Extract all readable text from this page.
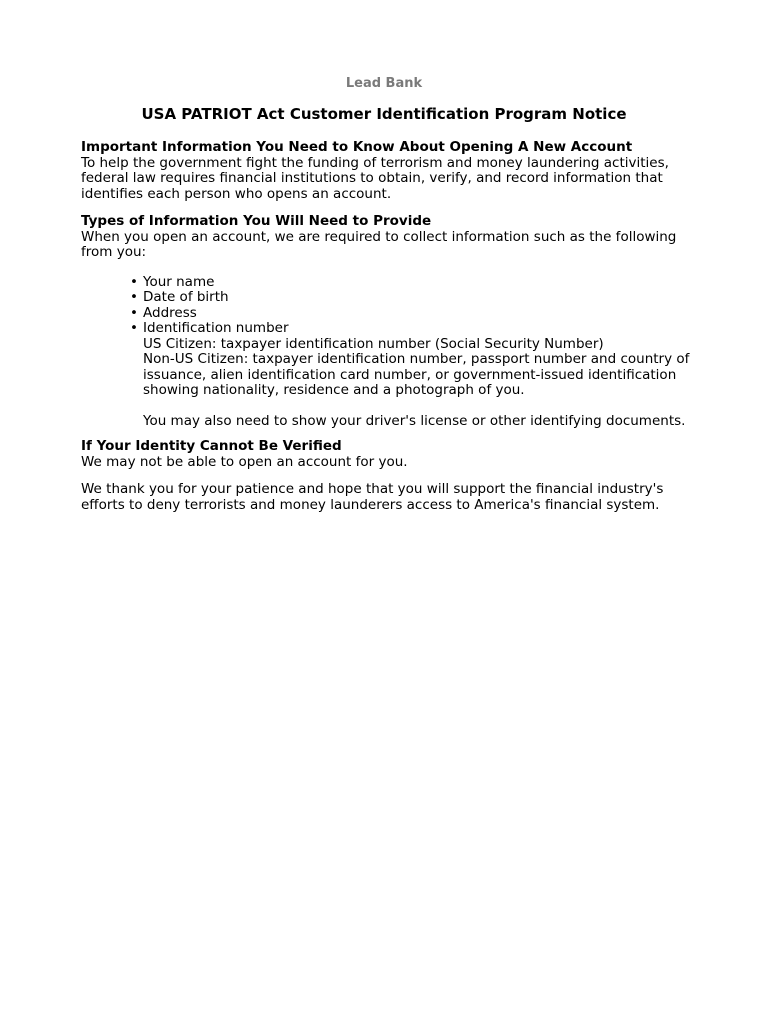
Lead Bank
USA PATRIOT Act Customer Identification Program Notice
Important Information You Need to Know About Opening A New Account
To help the government fight the funding of terrorism and money laundering activities, federal law requires financial institutions to obtain, verify, and record information that identifies each person who opens an account.
Types of Information You Will Need to Provide
When you open an account, we are required to collect information such as the following from you:
• Your name
• Date of birth
• Address
• Identification number
US Citizen: taxpayer identification number (Social Security Number)
Non-US Citizen: taxpayer identification number, passport number and country of issuance, alien identification card number, or government-issued identification showing nationality, residence and a photograph of you.
You may also need to show your driver's license or other identifying documents.
If Your Identity Cannot Be Verified
We may not be able to open an account for you.
We thank you for your patience and hope that you will support the financial industry's efforts to deny terrorists and money launderers access to America's financial system.
